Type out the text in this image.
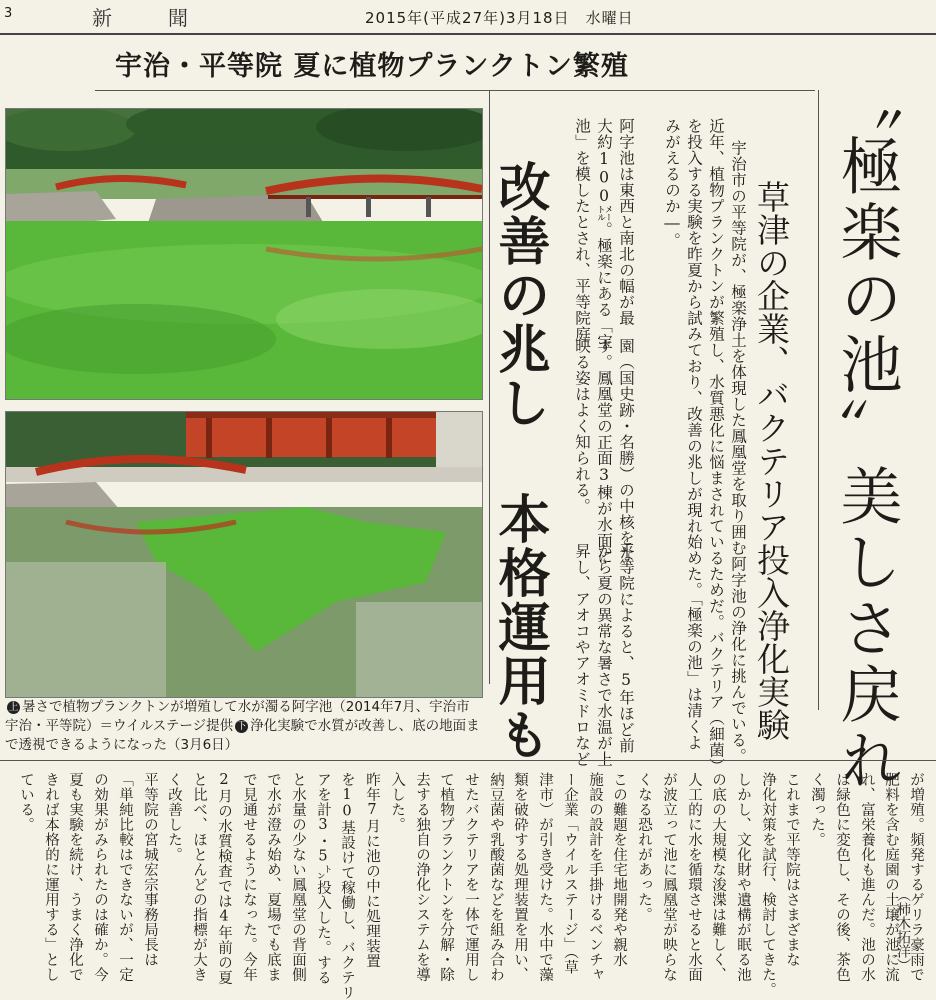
3	新聞	2015年(平成27年)3月18日　水曜日
宇治・平等院 夏に植物プランクトン繁殖
〝極楽の池〟美しさ戻れ
草津の企業、バクテリア投入浄化実験
宇治市の平等院が、極楽浄土を体現した鳳凰堂を取り囲む阿字池の浄化に挑んでいる。
近年、植物プランクトンが繁殖し、水質悪化に悩まされているためだ。バクテリア（細菌）
を投入する実験を昨夏から試みており、改善の兆しが現れ始めた。「極楽の池」は清くよ
みがえるのか―。
平等院によると、5年ほど前
から夏の異常な暑さで水温が上
昇し、アオコやアオミドロなど
阿字池は東西と南北の幅が最
大約100㍍。極楽にある「宝
池」を模したとされ、平等院庭
園（国史跡・名勝）の中核をな
す。鳳凰堂の正面3棟が水面に
映る姿はよく知られる。
改善の兆し 本格運用も
上 暑さで植物プランクトンが増殖して水が濁る阿字池（2014年7月、宇治市宇治・平等院）＝ウイルステージ提供 下 浄化実験で水質が改善し、底の地面まで透視できるようになった（3月6日）
が増殖。頻発するゲリラ豪雨で
肥料を含む庭園の土壌が池に流
れ、富栄養化も進んだ。池の水
は緑色に変色し、その後、茶色
く濁った。
これまで平等院はさまざまな
浄化対策を試行、検討してきた。
しかし、文化財や遺構が眠る池
の底の大規模な浚渫は難しく、
人工的に水を循環させると水面
が波立って池に鳳凰堂が映らな
くなる恐れがあった。
この難題を住宅地開発や親水
施設の設計を手掛けるベンチャ
ー企業「ウイルステージ」（草
津市）が引き受けた。水中で藻
類を破砕する処理装置を用い、
納豆菌や乳酸菌などを組み合わ
せたバクテリアを一体で運用し
て植物プランクトンを分解・除
去する独自の浄化システムを導
入した。
昨年7月に池の中に処理装置
を10基設けて稼働し、バクテリ
アを計3・5㌧投入した。する
と水量の少ない鳳凰堂の背面側
で水が澄み始め、夏場でも底ま
で見通せるようになった。今年
2月の水質検査では4年前の夏
と比べ、ほとんどの指標が大き
く改善した。
平等院の宮城宏宗事務局長は
「単純比較はできないが、一定
の効果がみられたのは確か。今
夏も実験を続け、うまく浄化で
きれば本格的に運用する」とし
ている。
（柿木拓洋）
